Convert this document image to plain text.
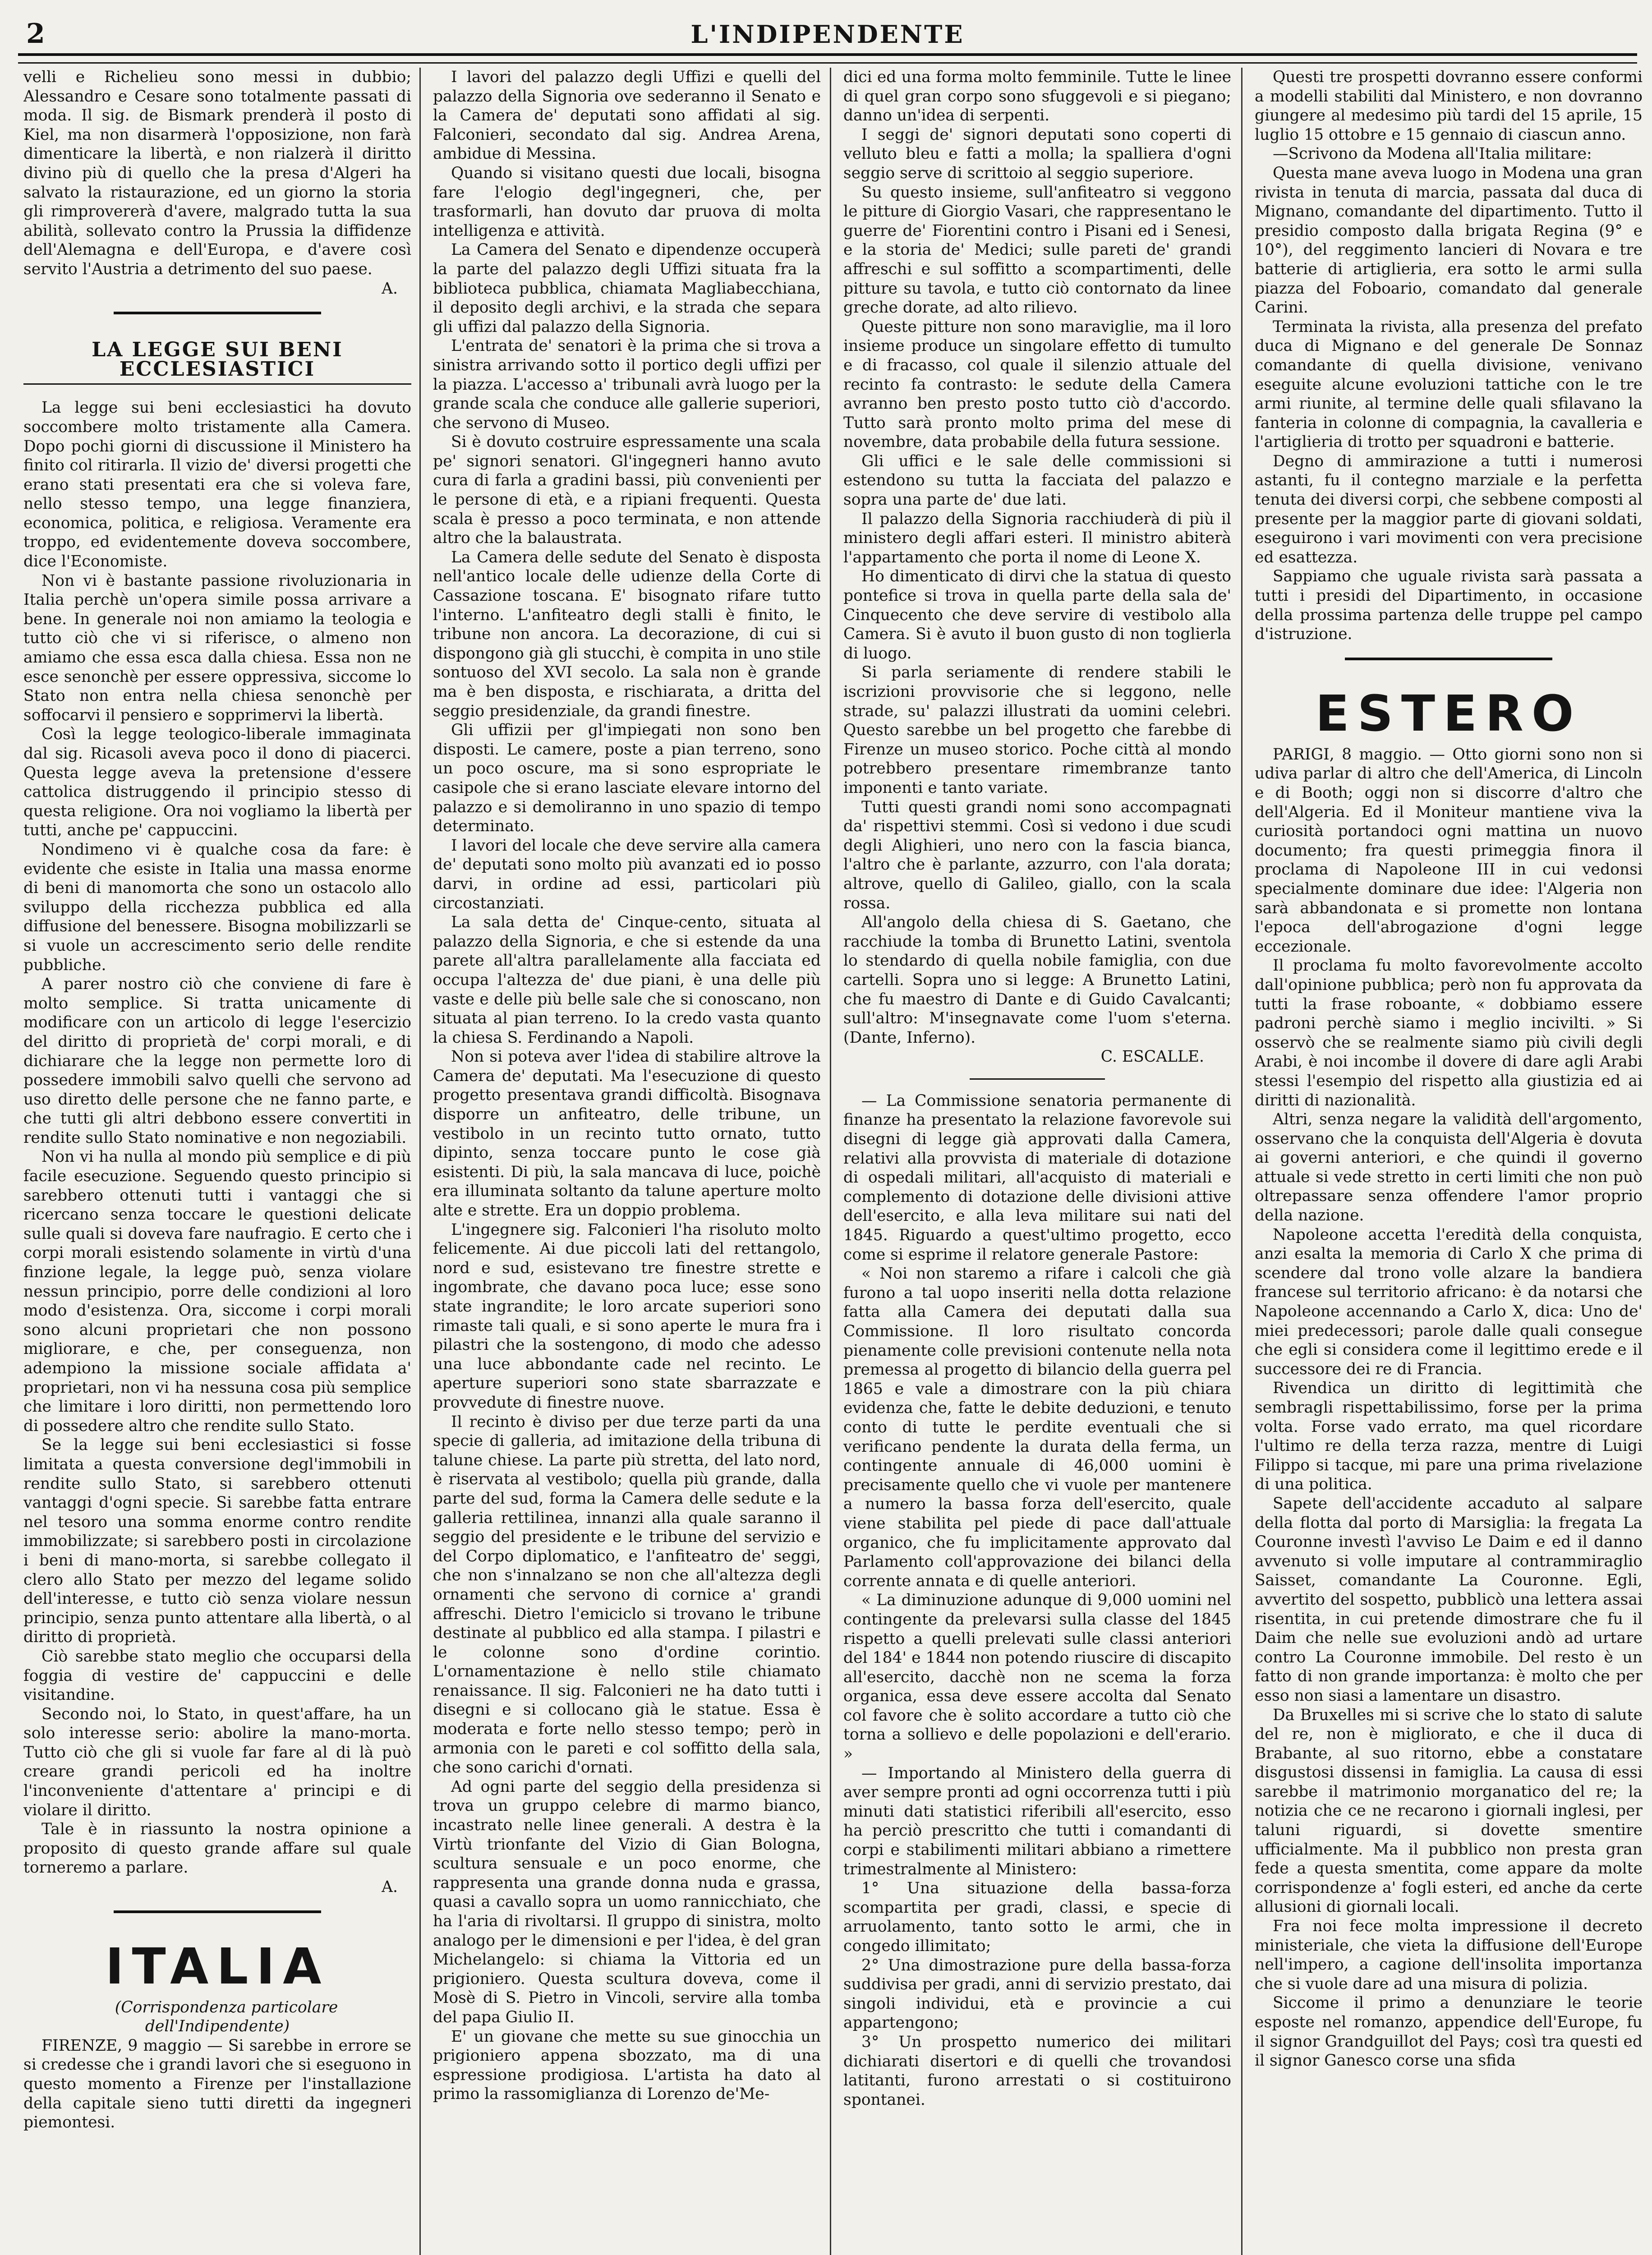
2	L'INDIPENDENTE

velli e Richelieu sono messi in dubbio; Alessandro e Cesare sono totalmente passati di moda. Il sig. de Bismark prenderà il posto di Kiel, ma non disarmerà l'opposizione, non farà dimenticare la libertà, e non rialzerà il diritto divino più di quello che la presa d'Algeri ha salvato la ristaurazione, ed un giorno la storia gli rimprovererà d'avere, malgrado tutta la sua abilità, sollevato contro la Prussia la diffidenze dell'Alemagna e dell'Europa, e d'avere così servito l'Austria a detrimento del suo paese.

A.

LA LEGGE SUI BENI ECCLESIASTICI

La legge sui beni ecclesiastici ha dovuto soccombere molto tristamente alla Camera. Dopo pochi giorni di discussione il Ministero ha finito col ritirarla. Il vizio de' diversi progetti che erano stati presentati era che si voleva fare, nello stesso tempo, una legge finanziera, economica, politica, e religiosa. Veramente era troppo, ed evidentemente doveva soccombere, dice l'Economiste.

Non vi è bastante passione rivoluzionaria in Italia perchè un'opera simile possa arrivare a bene. In generale noi non amiamo la teologia e tutto ciò che vi si riferisce, o almeno non amiamo che essa esca dalla chiesa. Essa non ne esce senonchè per essere oppressiva, siccome lo Stato non entra nella chiesa senonchè per soffocarvi il pensiero e sopprimervi la libertà.

Così la legge teologico-liberale immaginata dal sig. Ricasoli aveva poco il dono di piacerci. Questa legge aveva la pretensione d'essere cattolica distruggendo il principio stesso di questa religione. Ora noi vogliamo la libertà per tutti, anche pe' cappuccini.

Nondimeno vi è qualche cosa da fare: è evidente che esiste in Italia una massa enorme di beni di manomorta che sono un ostacolo allo sviluppo della ricchezza pubblica ed alla diffusione del benessere. Bisogna mobilizzarli se si vuole un accrescimento serio delle rendite pubbliche.

A parer nostro ciò che conviene di fare è molto semplice. Si tratta unicamente di modificare con un articolo di legge l'esercizio del diritto di proprietà de' corpi morali, e di dichiarare che la legge non permette loro di possedere immobili salvo quelli che servono ad uso diretto delle persone che ne fanno parte, e che tutti gli altri debbono essere convertiti in rendite sullo Stato nominative e non negoziabili.

Non vi ha nulla al mondo più semplice e di più facile esecuzione. Seguendo questo principio si sarebbero ottenuti tutti i vantaggi che si ricercano senza toccare le questioni delicate sulle quali si doveva fare naufragio. E certo che i corpi morali esistendo solamente in virtù d'una finzione legale, la legge può, senza violare nessun principio, porre delle condizioni al loro modo d'esistenza. Ora, siccome i corpi morali sono alcuni proprietari che non possono migliorare, e che, per conseguenza, non adempiono la missione sociale affidata a' proprietari, non vi ha nessuna cosa più semplice che limitare i loro diritti, non permettendo loro di possedere altro che rendite sullo Stato.

Se la legge sui beni ecclesiastici si fosse limitata a questa conversione degl'immobili in rendite sullo Stato, si sarebbero ottenuti vantaggi d'ogni specie. Si sarebbe fatta entrare nel tesoro una somma enorme contro rendite immobilizzate; si sarebbero posti in circolazione i beni di mano-morta, si sarebbe collegato il clero allo Stato per mezzo del legame solido dell'interesse, e tutto ciò senza violare nessun principio, senza punto attentare alla libertà, o al diritto di proprietà.

Ciò sarebbe stato meglio che occuparsi della foggia di vestire de' cappuccini e delle visitandine.

Secondo noi, lo Stato, in quest'affare, ha un solo interesse serio: abolire la mano-morta. Tutto ciò che gli si vuole far fare al di là può creare grandi pericoli ed ha inoltre l'inconveniente d'attentare a' principi e di violare il diritto.

Tale è in riassunto la nostra opinione a proposito di questo grande affare sul quale torneremo a parlare.

A.

ITALIA

(Corrispondenza particolare dell'Indipendente)

FIRENZE, 9 maggio — Si sarebbe in errore se si credesse che i grandi lavori che si eseguono in questo momento a Firenze per l'installazione della capitale sieno tutti diretti da ingegneri piemontesi.

I lavori del palazzo degli Uffizi e quelli del palazzo della Signoria ove sederanno il Senato e la Camera de' deputati sono affidati al sig. Falconieri, secondato dal sig. Andrea Arena, ambidue di Messina.

Quando si visitano questi due locali, bisogna fare l'elogio degl'ingegneri, che, per trasformarli, han dovuto dar pruova di molta intelligenza e attività.

La Camera del Senato e dipendenze occuperà la parte del palazzo degli Uffizi situata fra la biblioteca pubblica, chiamata Magliabecchiana, il deposito degli archivi, e la strada che separa gli uffizi dal palazzo della Signoria.

L'entrata de' senatori è la prima che si trova a sinistra arrivando sotto il portico degli uffizi per la piazza. L'accesso a' tribunali avrà luogo per la grande scala che conduce alle gallerie superiori, che servono di Museo.

Si è dovuto costruire espressamente una scala pe' signori senatori. Gl'ingegneri hanno avuto cura di farla a gradini bassi, più convenienti per le persone di età, e a ripiani frequenti. Questa scala è presso a poco terminata, e non attende altro che la balaustrata.

La Camera delle sedute del Senato è disposta nell'antico locale delle udienze della Corte di Cassazione toscana. E' bisognato rifare tutto l'interno. L'anfiteatro degli stalli è finito, le tribune non ancora. La decorazione, di cui si dispongono già gli stucchi, è compita in uno stile sontuoso del XVI secolo. La sala non è grande ma è ben disposta, e rischiarata, a dritta del seggio presidenziale, da grandi finestre.

Gli uffizii per gl'impiegati non sono ben disposti. Le camere, poste a pian terreno, sono un poco oscure, ma si sono espropriate le casipole che si erano lasciate elevare intorno del palazzo e si demoliranno in uno spazio di tempo determinato.

I lavori del locale che deve servire alla camera de' deputati sono molto più avanzati ed io posso darvi, in ordine ad essi, particolari più circostanziati.

La sala detta de' Cinque-cento, situata al palazzo della Signoria, e che si estende da una parete all'altra parallelamente alla facciata ed occupa l'altezza de' due piani, è una delle più vaste e delle più belle sale che si conoscano, non situata al pian terreno. Io la credo vasta quanto la chiesa S. Ferdinando a Napoli.

Non si poteva aver l'idea di stabilire altrove la Camera de' deputati. Ma l'esecuzione di questo progetto presentava grandi difficoltà. Bisognava disporre un anfiteatro, delle tribune, un vestibolo in un recinto tutto ornato, tutto dipinto, senza toccare punto le cose già esistenti. Di più, la sala mancava di luce, poichè era illuminata soltanto da talune aperture molto alte e strette. Era un doppio problema.

L'ingegnere sig. Falconieri l'ha risoluto molto felicemente. Ai due piccoli lati del rettangolo, nord e sud, esistevano tre finestre strette e ingombrate, che davano poca luce; esse sono state ingrandite; le loro arcate superiori sono rimaste tali quali, e si sono aperte le mura fra i pilastri che la sostengono, di modo che adesso una luce abbondante cade nel recinto. Le aperture superiori sono state sbarrazzate e provvedute di finestre nuove.

Il recinto è diviso per due terze parti da una specie di galleria, ad imitazione della tribuna di talune chiese. La parte più stretta, del lato nord, è riservata al vestibolo; quella più grande, dalla parte del sud, forma la Camera delle sedute e la galleria rettilinea, innanzi alla quale saranno il seggio del presidente e le tribune del servizio e del Corpo diplomatico, e l'anfiteatro de' seggi, che non s'innalzano se non che all'altezza degli ornamenti che servono di cornice a' grandi affreschi. Dietro l'emiciclo si trovano le tribune destinate al pubblico ed alla stampa. I pilastri e le colonne sono d'ordine corintio. L'ornamentazione è nello stile chiamato renaissance. Il sig. Falconieri ne ha dato tutti i disegni e si collocano già le statue. Essa è moderata e forte nello stesso tempo; però in armonia con le pareti e col soffitto della sala, che sono carichi d'ornati.

Ad ogni parte del seggio della presidenza si trova un gruppo celebre di marmo bianco, incastrato nelle linee generali. A destra è la Virtù trionfante del Vizio di Gian Bologna, scultura sensuale e un poco enorme, che rappresenta una grande donna nuda e grassa, quasi a cavallo sopra un uomo rannicchiato, che ha l'aria di rivoltarsi. Il gruppo di sinistra, molto analogo per le dimensioni e per l'idea, è del gran Michelangelo: si chiama la Vittoria ed un prigioniero. Questa scultura doveva, come il Mosè di S. Pietro in Vincoli, servire alla tomba del papa Giulio II.

E' un giovane che mette su sue ginocchia un prigioniero appena sbozzato, ma di una espressione prodigiosa. L'artista ha dato al primo la rassomiglianza di Lorenzo de'Me-

dici ed una forma molto femminile. Tutte le linee di quel gran corpo sono sfuggevoli e si piegano; danno un'idea di serpenti.

I seggi de' signori deputati sono coperti di velluto bleu e fatti a molla; la spalliera d'ogni seggio serve di scrittoio al seggio superiore.

Su questo insieme, sull'anfiteatro si veggono le pitture di Giorgio Vasari, che rappresentano le guerre de' Fiorentini contro i Pisani ed i Senesi, e la storia de' Medici; sulle pareti de' grandi affreschi e sul soffitto a scompartimenti, delle pitture su tavola, e tutto ciò contornato da linee greche dorate, ad alto rilievo.

Queste pitture non sono maraviglie, ma il loro insieme produce un singolare effetto di tumulto e di fracasso, col quale il silenzio attuale del recinto fa contrasto: le sedute della Camera avranno ben presto posto tutto ciò d'accordo. Tutto sarà pronto molto prima del mese di novembre, data probabile della futura sessione.

Gli uffici e le sale delle commissioni si estendono su tutta la facciata del palazzo e sopra una parte de' due lati.

Il palazzo della Signoria racchiuderà di più il ministero degli affari esteri. Il ministro abiterà l'appartamento che porta il nome di Leone X.

Ho dimenticato di dirvi che la statua di questo pontefice si trova in quella parte della sala de' Cinquecento che deve servire di vestibolo alla Camera. Si è avuto il buon gusto di non toglierla di luogo.

Si parla seriamente di rendere stabili le iscrizioni provvisorie che si leggono, nelle strade, su' palazzi illustrati da uomini celebri. Questo sarebbe un bel progetto che farebbe di Firenze un museo storico. Poche città al mondo potrebbero presentare rimembranze tanto imponenti e tanto variate.

Tutti questi grandi nomi sono accompagnati da' rispettivi stemmi. Così si vedono i due scudi degli Alighieri, uno nero con la fascia bianca, l'altro che è parlante, azzurro, con l'ala dorata; altrove, quello di Galileo, giallo, con la scala rossa.

All'angolo della chiesa di S. Gaetano, che racchiude la tomba di Brunetto Latini, sventola lo stendardo di quella nobile famiglia, con due cartelli. Sopra uno si legge: A Brunetto Latini, che fu maestro di Dante e di Guido Cavalcanti; sull'altro: M'insegnavate come l'uom s'eterna. (Dante, Inferno).

C. ESCALLE.

— La Commissione senatoria permanente di finanze ha presentato la relazione favorevole sui disegni di legge già approvati dalla Camera, relativi alla provvista di materiale di dotazione di ospedali militari, all'acquisto di materiali e complemento di dotazione delle divisioni attive dell'esercito, e alla leva militare sui nati del 1845. Riguardo a quest'ultimo progetto, ecco come si esprime il relatore generale Pastore:

« Noi non staremo a rifare i calcoli che già furono a tal uopo inseriti nella dotta relazione fatta alla Camera dei deputati dalla sua Commissione. Il loro risultato concorda pienamente colle previsioni contenute nella nota premessa al progetto di bilancio della guerra pel 1865 e vale a dimostrare con la più chiara evidenza che, fatte le debite deduzioni, e tenuto conto di tutte le perdite eventuali che si verificano pendente la durata della ferma, un contingente annuale di 46,000 uomini è precisamente quello che vi vuole per mantenere a numero la bassa forza dell'esercito, quale viene stabilita pel piede di pace dall'attuale organico, che fu implicitamente approvato dal Parlamento coll'approvazione dei bilanci della corrente annata e di quelle anteriori.

« La diminuzione adunque di 9,000 uomini nel contingente da prelevarsi sulla classe del 1845 rispetto a quelli prelevati sulle classi anteriori del 184' e 1844 non potendo riuscire di discapito all'esercito, dacchè non ne scema la forza organica, essa deve essere accolta dal Senato col favore che è solito accordare a tutto ciò che torna a sollievo e delle popolazioni e dell'erario. »

— Importando al Ministero della guerra di aver sempre pronti ad ogni occorrenza tutti i più minuti dati statistici riferibili all'esercito, esso ha perciò prescritto che tutti i comandanti di corpi e stabilimenti militari abbiano a rimettere trimestralmente al Ministero:

1° Una situazione della bassa-forza scompartita per gradi, classi, e specie di arruolamento, tanto sotto le armi, che in congedo illimitato;

2° Una dimostrazione pure della bassa-forza suddivisa per gradi, anni di servizio prestato, dai singoli individui, età e provincie a cui appartengono;

3° Un prospetto numerico dei militari dichiarati disertori e di quelli che trovandosi latitanti, furono arrestati o si costituirono spontanei.

Questi tre prospetti dovranno essere conformi a modelli stabiliti dal Ministero, e non dovranno giungere al medesimo più tardi del 15 aprile, 15 luglio 15 ottobre e 15 gennaio di ciascun anno.

—Scrivono da Modena all'Italia militare:

Questa mane aveva luogo in Modena una gran rivista in tenuta di marcia, passata dal duca di Mignano, comandante del dipartimento. Tutto il presidio composto dalla brigata Regina (9° e 10°), del reggimento lancieri di Novara e tre batterie di artiglieria, era sotto le armi sulla piazza del Foboario, comandato dal generale Carini.

Terminata la rivista, alla presenza del prefato duca di Mignano e del generale De Sonnaz comandante di quella divisione, venivano eseguite alcune evoluzioni tattiche con le tre armi riunite, al termine delle quali sfilavano la fanteria in colonne di compagnia, la cavalleria e l'artiglieria di trotto per squadroni e batterie.

Degno di ammirazione a tutti i numerosi astanti, fu il contegno marziale e la perfetta tenuta dei diversi corpi, che sebbene composti al presente per la maggior parte di giovani soldati, eseguirono i vari movimenti con vera precisione ed esattezza.

Sappiamo che uguale rivista sarà passata a tutti i presidi del Dipartimento, in occasione della prossima partenza delle truppe pel campo d'istruzione.

ESTERO

PARIGI, 8 maggio. — Otto giorni sono non si udiva parlar di altro che dell'America, di Lincoln e di Booth; oggi non si discorre d'altro che dell'Algeria. Ed il Moniteur mantiene viva la curiosità portandoci ogni mattina un nuovo documento; fra questi primeggia finora il proclama di Napoleone III in cui vedonsi specialmente dominare due idee: l'Algeria non sarà abbandonata e si promette non lontana l'epoca dell'abrogazione d'ogni legge eccezionale.

Il proclama fu molto favorevolmente accolto dall'opinione pubblica; però non fu approvata da tutti la frase roboante, « dobbiamo essere padroni perchè siamo i meglio incivilti. » Si osservò che se realmente siamo più civili degli Arabi, è noi incombe il dovere di dare agli Arabi stessi l'esempio del rispetto alla giustizia ed ai diritti di nazionalità.

Altri, senza negare la validità dell'argomento, osservano che la conquista dell'Algeria è dovuta ai governi anteriori, e che quindi il governo attuale si vede stretto in certi limiti che non può oltrepassare senza offendere l'amor proprio della nazione.

Napoleone accetta l'eredità della conquista, anzi esalta la memoria di Carlo X che prima di scendere dal trono volle alzare la bandiera francese sul territorio africano: è da notarsi che Napoleone accennando a Carlo X, dica: Uno de' miei predecessori; parole dalle quali consegue che egli si considera come il legittimo erede e il successore dei re di Francia.

Rivendica un diritto di legittimità che sembragli rispettabilissimo, forse per la prima volta. Forse vado errato, ma quel ricordare l'ultimo re della terza razza, mentre di Luigi Filippo si tacque, mi pare una prima rivelazione di una politica.

Sapete dell'accidente accaduto al salpare della flotta dal porto di Marsiglia: la fregata La Couronne investì l'avviso Le Daim e ed il danno avvenuto si volle imputare al contrammiraglio Saisset, comandante La Couronne. Egli, avvertito del sospetto, pubblicò una lettera assai risentita, in cui pretende dimostrare che fu il Daim che nelle sue evoluzioni andò ad urtare contro La Couronne immobile. Del resto è un fatto di non grande importanza: è molto che per esso non siasi a lamentare un disastro.

Da Bruxelles mi si scrive che lo stato di salute del re, non è migliorato, e che il duca di Brabante, al suo ritorno, ebbe a constatare disgustosi dissensi in famiglia. La causa di essi sarebbe il matrimonio morganatico del re; la notizia che ce ne recarono i giornali inglesi, per taluni riguardi, si dovette smentire ufficialmente. Ma il pubblico non presta gran fede a questa smentita, come appare da molte corrispondenze a' fogli esteri, ed anche da certe allusioni di giornali locali.

Fra noi fece molta impressione il decreto ministeriale, che vieta la diffusione dell'Europe nell'impero, a cagione dell'insolita importanza che si vuole dare ad una misura di polizia.

Siccome il primo a denunziare le teorie esposte nel romanzo, appendice dell'Europe, fu il signor Grandguillot del Pays; così tra questi ed il signor Ganesco corse una sfida
